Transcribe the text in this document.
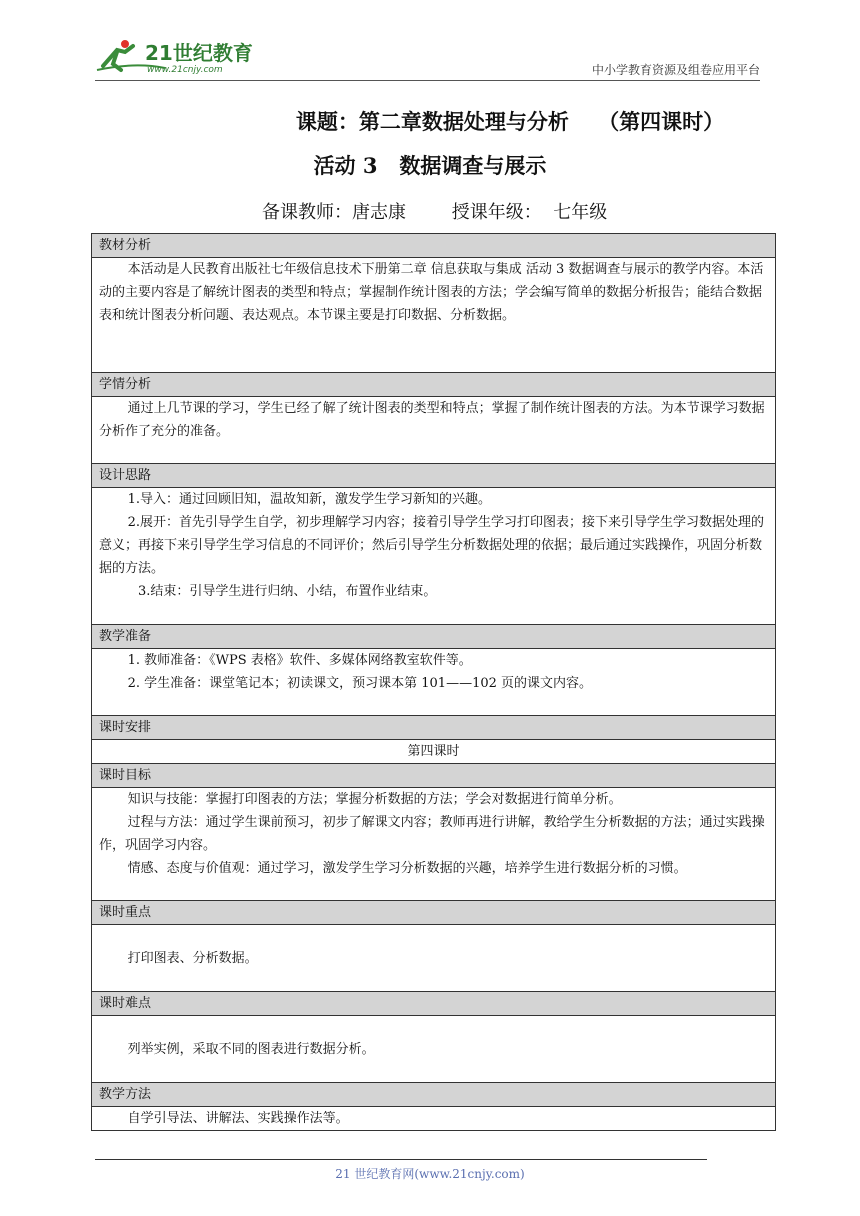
21世纪教育
www.21cnjy.com	中小学教育资源及组卷应用平台
课题：第二章数据处理与分析    （第四课时）
活动 3   数据调查与展示
备课教师：唐志康        授课年级：  七年级
教材分析

本活动是人民教育出版社七年级信息技术下册第二章 信息获取与集成 活动 3 数据调查与展示的教学内容。本活动的主要内容是了解统计图表的类型和特点；掌握制作统计图表的方法；学会编写简单的数据分析报告；能结合数据表和统计图表分析问题、表达观点。本节课主要是打印数据、分析数据。

学情分析

通过上几节课的学习，学生已经了解了统计图表的类型和特点；掌握了制作统计图表的方法。为本节课学习数据分析作了充分的准备。

设计思路

1.导入：通过回顾旧知，温故知新，激发学生学习新知的兴趣。

2.展开：首先引导学生自学，初步理解学习内容；接着引导学生学习打印图表；接下来引导学生学习数据处理的意义；再接下来引导学生学习信息的不同评价；然后引导学生分析数据处理的依据；最后通过实践操作，巩固分析数据的方法。

3.结束：引导学生进行归纳、小结，布置作业结束。

教学准备

1. 教师准备：《WPS 表格》软件、多媒体网络教室软件等。

2. 学生准备：课堂笔记本；初读课文，预习课本第 101——102 页的课文内容。

课时安排
第四课时
课时目标

知识与技能：掌握打印图表的方法；掌握分析数据的方法；学会对数据进行简单分析。

过程与方法：通过学生课前预习，初步了解课文内容；教师再进行讲解，教给学生分析数据的方法；通过实践操作，巩固学习内容。

情感、态度与价值观：通过学习，激发学生学习分析数据的兴趣，培养学生进行数据分析的习惯。

课时重点

打印图表、分析数据。

课时难点

列举实例，采取不同的图表进行数据分析。

教学方法

自学引导法、讲解法、实践操作法等。

21 世纪教育网(www.21cnjy.com)
